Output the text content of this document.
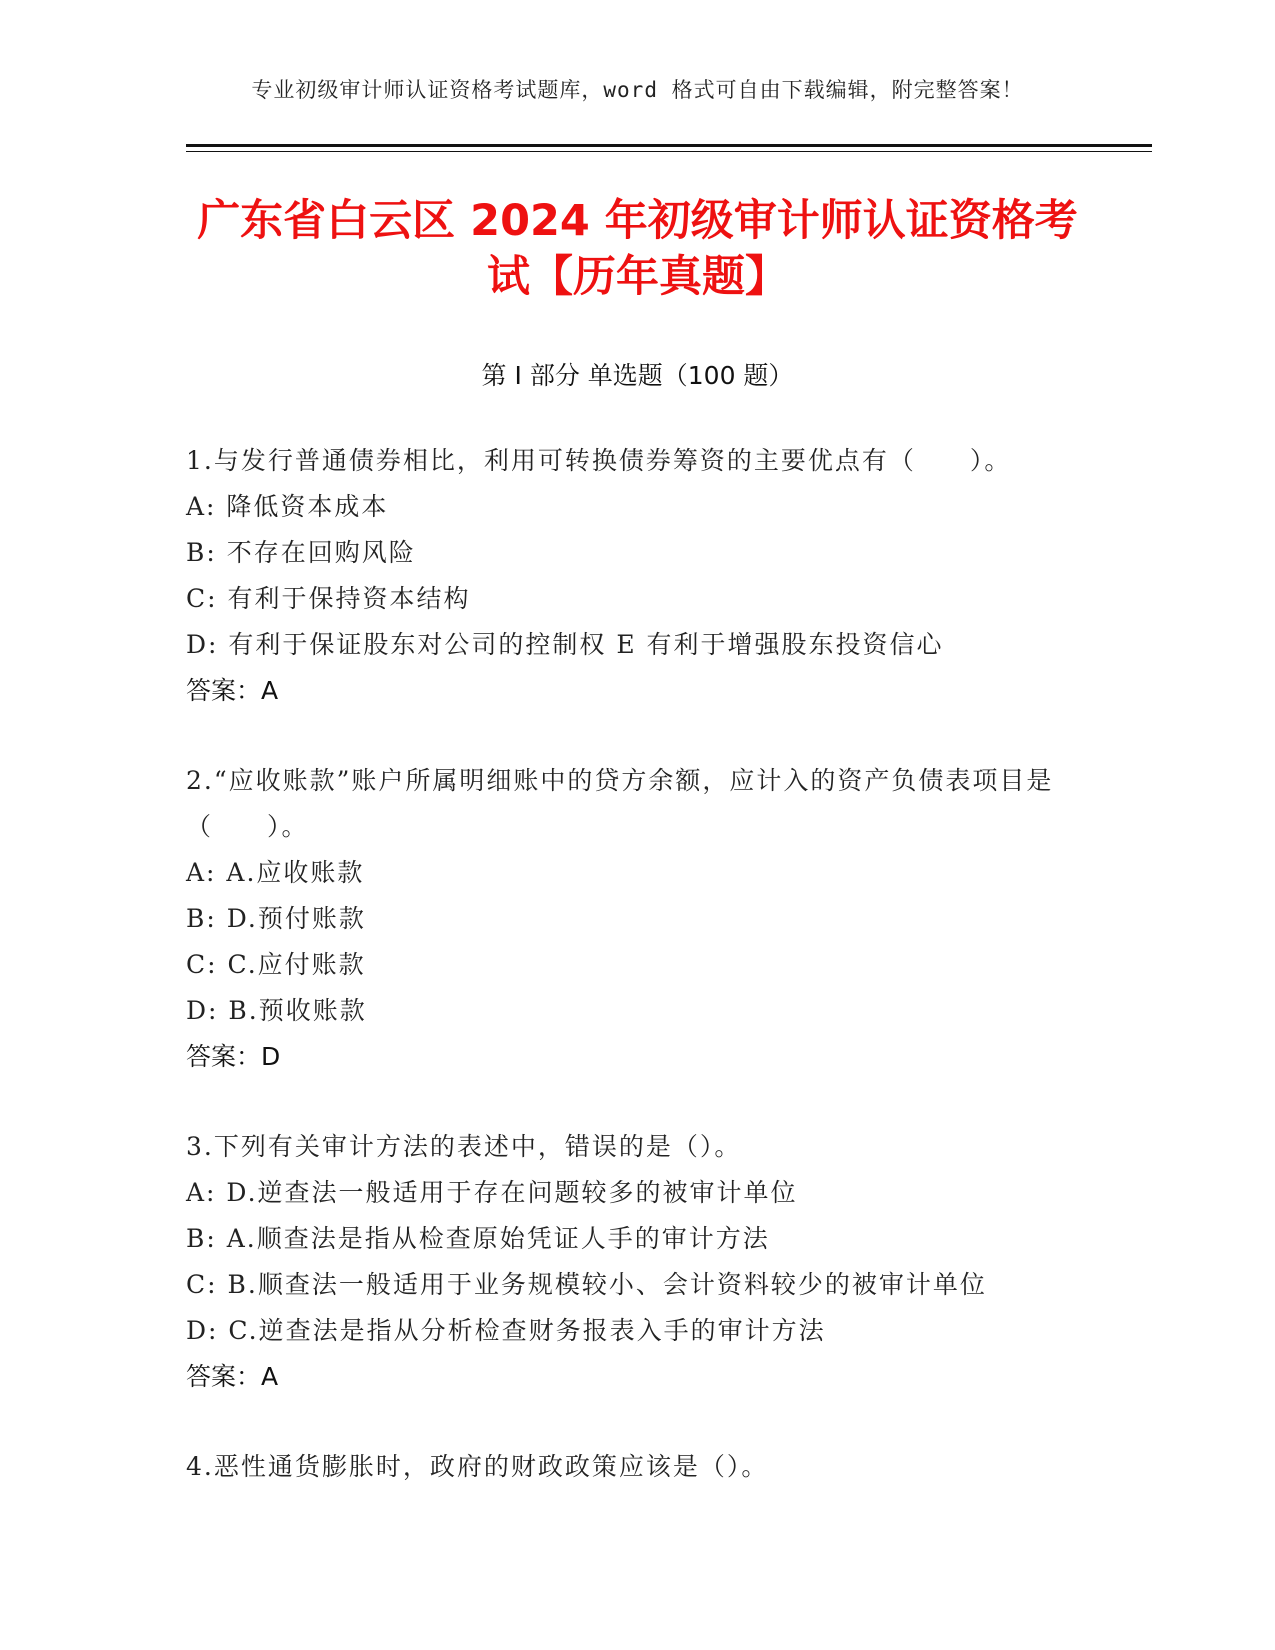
专业初级审计师认证资格考试题库，word 格式可自由下载编辑，附完整答案！
广东省白云区 2024 年初级审计师认证资格考
试【历年真题】
第 I 部分 单选题（100 题）
1.与发行普通债券相比，利用可转换债券筹资的主要优点有（　　）。
A: 降低资本成本
B: 不存在回购风险
C: 有利于保持资本结构
D: 有利于保证股东对公司的控制权 E 有利于增强股东投资信心
答案：A
2.“应收账款”账户所属明细账中的贷方余额，应计入的资产负债表项目是（　　）。
A: A.应收账款
B: D.预付账款
C: C.应付账款
D: B.预收账款
答案：D
3.下列有关审计方法的表述中，错误的是（）。
A: D.逆查法一般适用于存在问题较多的被审计单位
B: A.顺查法是指从检查原始凭证人手的审计方法
C: B.顺查法一般适用于业务规模较小、会计资料较少的被审计单位
D: C.逆查法是指从分析检查财务报表入手的审计方法
答案：A
4.恶性通货膨胀时，政府的财政政策应该是（）。
